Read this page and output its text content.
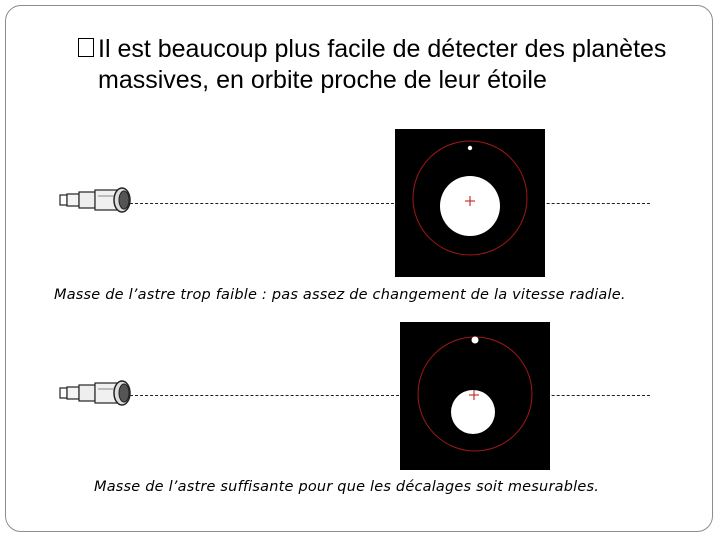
Il est beaucoup plus facile de détecter des planètes massives, en orbite proche de leur étoile
Masse de l’astre trop faible : pas assez de changement de la vitesse radiale.
Masse de l’astre suffisante pour que les décalages soit mesurables.
